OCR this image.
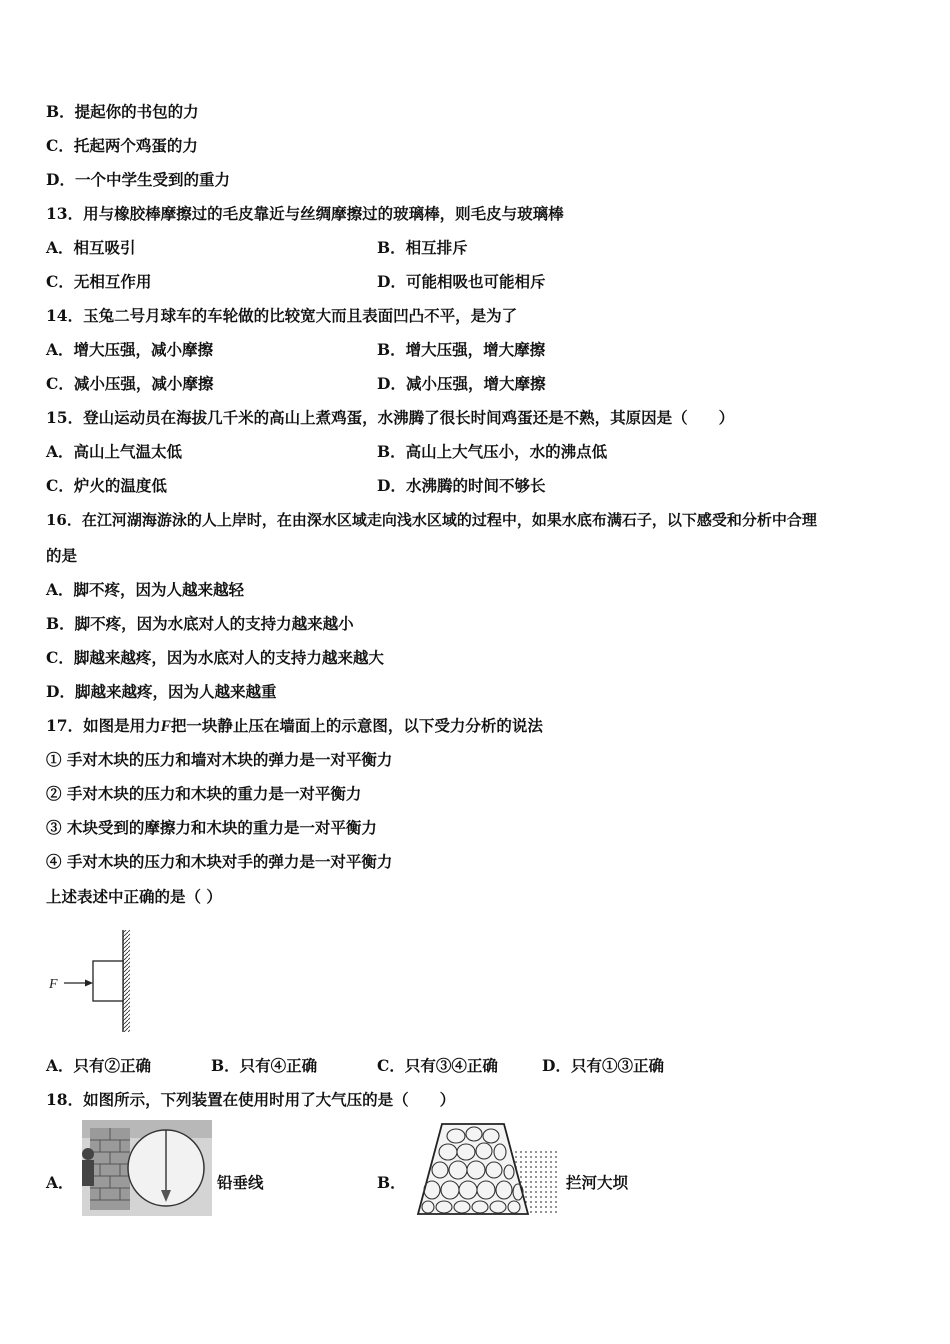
B．提起你的书包的力
C．托起两个鸡蛋的力
D．一个中学生受到的重力
13．用与橡胶棒摩擦过的毛皮靠近与丝绸摩擦过的玻璃棒，则毛皮与玻璃棒
A．相互吸引	B．相互排斥
C．无相互作用	D．可能相吸也可能相斥
14．玉兔二号月球车的车轮做的比较宽大而且表面凹凸不平，是为了
A．增大压强，减小摩擦	B．增大压强，增大摩擦
C．减小压强，减小摩擦	D．减小压强，增大摩擦
15．登山运动员在海拔几千米的高山上煮鸡蛋，水沸腾了很长时间鸡蛋还是不熟，其原因是（　　）
A．高山上气温太低	B．高山上大气压小，水的沸点低
C．炉火的温度低	D．水沸腾的时间不够长
16．在江河湖海游泳的人上岸时，在由深水区域走向浅水区域的过程中，如果水底布满石子，以下感受和分析中合理
的是
A．脚不疼，因为人越来越轻
B．脚不疼，因为水底对人的支持力越来越小
C．脚越来越疼，因为水底对人的支持力越来越大
D．脚越来越疼，因为人越来越重
17．如图是用力F把一块静止压在墙面上的示意图，以下受力分析的说法
① 手对木块的压力和墙对木块的弹力是一对平衡力
② 手对木块的压力和木块的重力是一对平衡力
③ 木块受到的摩擦力和木块的重力是一对平衡力
④ 手对木块的压力和木块对手的弹力是一对平衡力
上述表述中正确的是（ ）
F
A．只有②正确	B．只有④正确	C．只有③④正确	D．只有①③正确
18．如图所示，下列装置在使用时用了大气压的是（　　）
A．	铅垂线	B．	拦河大坝
